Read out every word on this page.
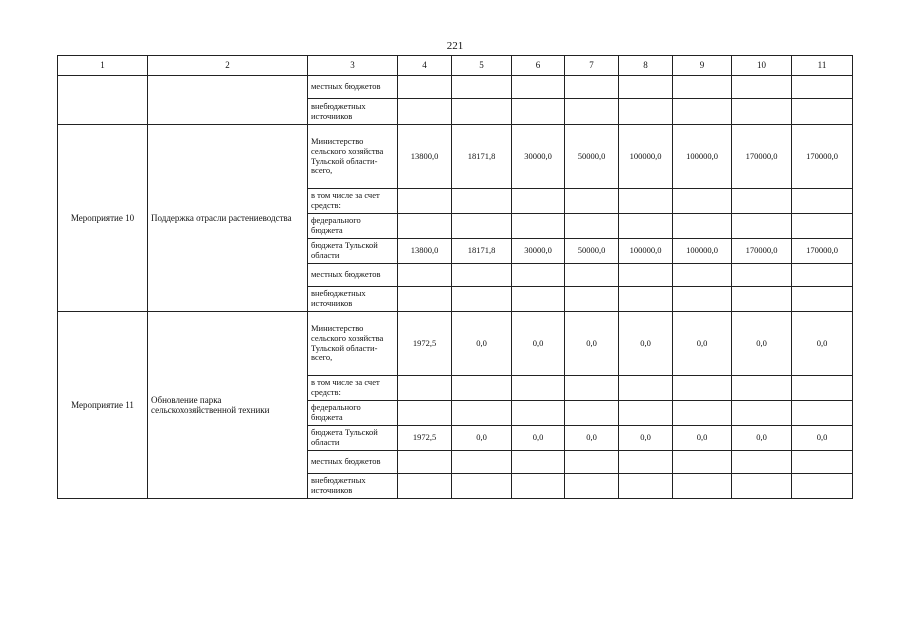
221
1	2	3	4	5	6	7	8	9	10	11
		местных бюджетов								
		внебюджетных источников								
Мероприятие 10	Поддержка отрасли растениеводства	Министерство сельского хозяйства Тульской области-всего,	13800,0	18171,8	30000,0	50000,0	100000,0	100000,0	170000,0	170000,0
		в том числе за счет средств:								
		федерального бюджета								
		бюджета Тульской области	13800,0	18171,8	30000,0	50000,0	100000,0	100000,0	170000,0	170000,0
		местных бюджетов								
		внебюджетных источников								
Мероприятие 11	Обновление парка сельскохозяйственной техники	Министерство сельского хозяйства Тульской области-всего,	1972,5	0,0	0,0	0,0	0,0	0,0	0,0	0,0
		в том числе за счет средств:								
		федерального бюджета								
		бюджета Тульской области	1972,5	0,0	0,0	0,0	0,0	0,0	0,0	0,0
		местных бюджетов								
		внебюджетных источников								
